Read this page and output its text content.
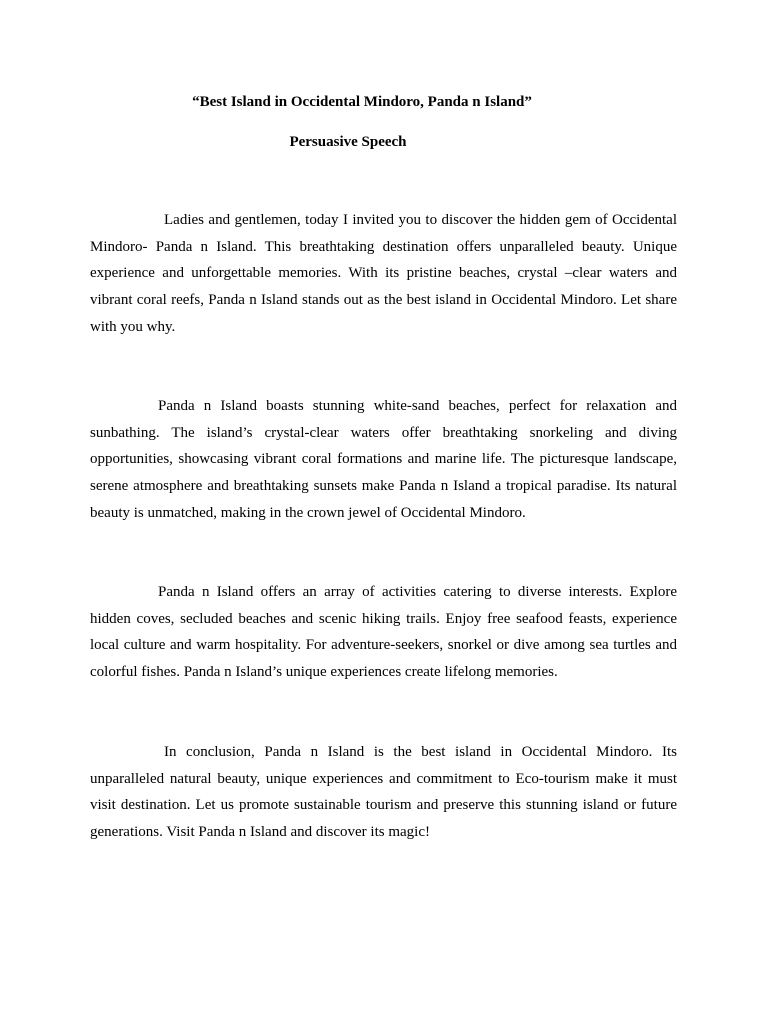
“Best Island in Occidental Mindoro, Panda n Island”
Persuasive Speech

Ladies and gentlemen, today I invited you to discover the hidden gem of Occidental Mindoro- Panda n Island. This breathtaking destination offers unparalleled beauty. Unique experience and unforgettable memories. With its pristine beaches, crystal –clear waters and vibrant coral reefs, Panda n Island stands out as the best island in Occidental Mindoro. Let share with you why.

Panda n Island boasts stunning white-sand beaches, perfect for relaxation and sunbathing. The island’s crystal-clear waters offer breathtaking snorkeling and diving opportunities, showcasing vibrant coral formations and marine life. The picturesque landscape, serene atmosphere and breathtaking sunsets make Panda n Island a tropical paradise. Its natural beauty is unmatched, making in the crown jewel of Occidental Mindoro.

Panda n Island offers an array of activities catering to diverse interests. Explore hidden coves, secluded beaches and scenic hiking trails. Enjoy free seafood feasts, experience local culture and warm hospitality. For adventure-seekers, snorkel or dive among sea turtles and colorful fishes. Panda n Island’s unique experiences create lifelong memories.

In conclusion, Panda n Island is the best island in Occidental Mindoro. Its unparalleled natural beauty, unique experiences and commitment to Eco-tourism make it must visit destination. Let us promote sustainable tourism and preserve this stunning island or future generations. Visit Panda n Island and discover its magic!
